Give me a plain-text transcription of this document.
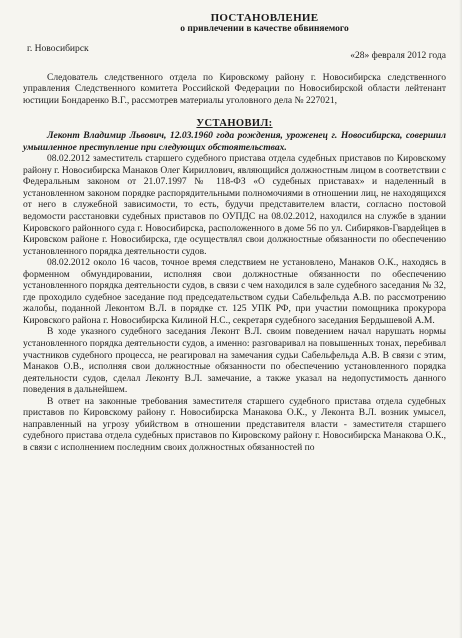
ПОСТАНОВЛЕНИЕ
о привлечении в качестве обвиняемого
г. Новосибирск
«28» февраля 2012 года

Следователь следственного отдела по Кировскому району г. Новосибирска следственного управления Следственного комитета Российской Федерации по Новосибирской области лейтенант юстиции Бондаренко В.Г., рассмотрев материалы уголовного дела № 227021,

УСТАНОВИЛ:

Леконт Владимир Львович, 12.03.1960 года рождения, уроженец г. Новосибирска, совершил умышленное преступление при следующих обстоятельствах.

08.02.2012 заместитель старшего судебного пристава отдела судебных приставов по Кировскому району г. Новосибирска Манаков Олег Кириллович, являющийся должностным лицом в соответствии с Федеральным законом от 21.07.1997 № 118-ФЗ «О судебных приставах» и наделенный в установленном законом порядке распорядительными полномочиями в отношении лиц, не находящихся от него в служебной зависимости, то есть, будучи представителем власти, согласно постовой ведомости расстановки судебных приставов по ОУПДС на 08.02.2012, находился на службе в здании Кировского районного суда г. Новосибирска, расположенного в доме 56 по ул. Сибиряков-Гвардейцев в Кировском районе г. Новосибирска, где осуществлял свои должностные обязанности по обеспечению установленного порядка деятельности судов.

08.02.2012 около 16 часов, точное время следствием не установлено, Манаков О.К., находясь в форменном обмундировании, исполняя свои должностные обязанности по обеспечению установленного порядка деятельности судов, в связи с чем находился в зале судебного заседания № 32, где проходило судебное заседание под председательством судьи Сабельфельда А.В. по рассмотрению жалобы, поданной Леконтом В.Л. в порядке ст. 125 УПК РФ, при участии помощника прокурора Кировского района г. Новосибирска Килиной Н.С., секретаря судебного заседания Бердышевой А.М.

В ходе указного судебного заседания Леконт В.Л. своим поведением начал нарушать нормы установленного порядка деятельности судов, а именно: разговаривал на повышенных тонах, перебивал участников судебного процесса, не реагировал на замечания судьи Сабельфельда А.В. В связи с этим, Манаков О.В., исполняя свои должностные обязанности по обеспечению установленного порядка деятельности судов, сделал Леконту В.Л. замечание, а также указал на недопустимость данного поведения в дальнейшем.

В ответ на законные требования заместителя старшего судебного пристава отдела судебных приставов по Кировскому району г. Новосибирска Манакова О.К., у Леконта В.Л. возник умысел, направленный на угрозу убийством в отношении представителя власти - заместителя старшего судебного пристава отдела судебных приставов по Кировскому району г. Новосибирска Манакова О.К., в связи с исполнением последним своих должностных обязанностей по
